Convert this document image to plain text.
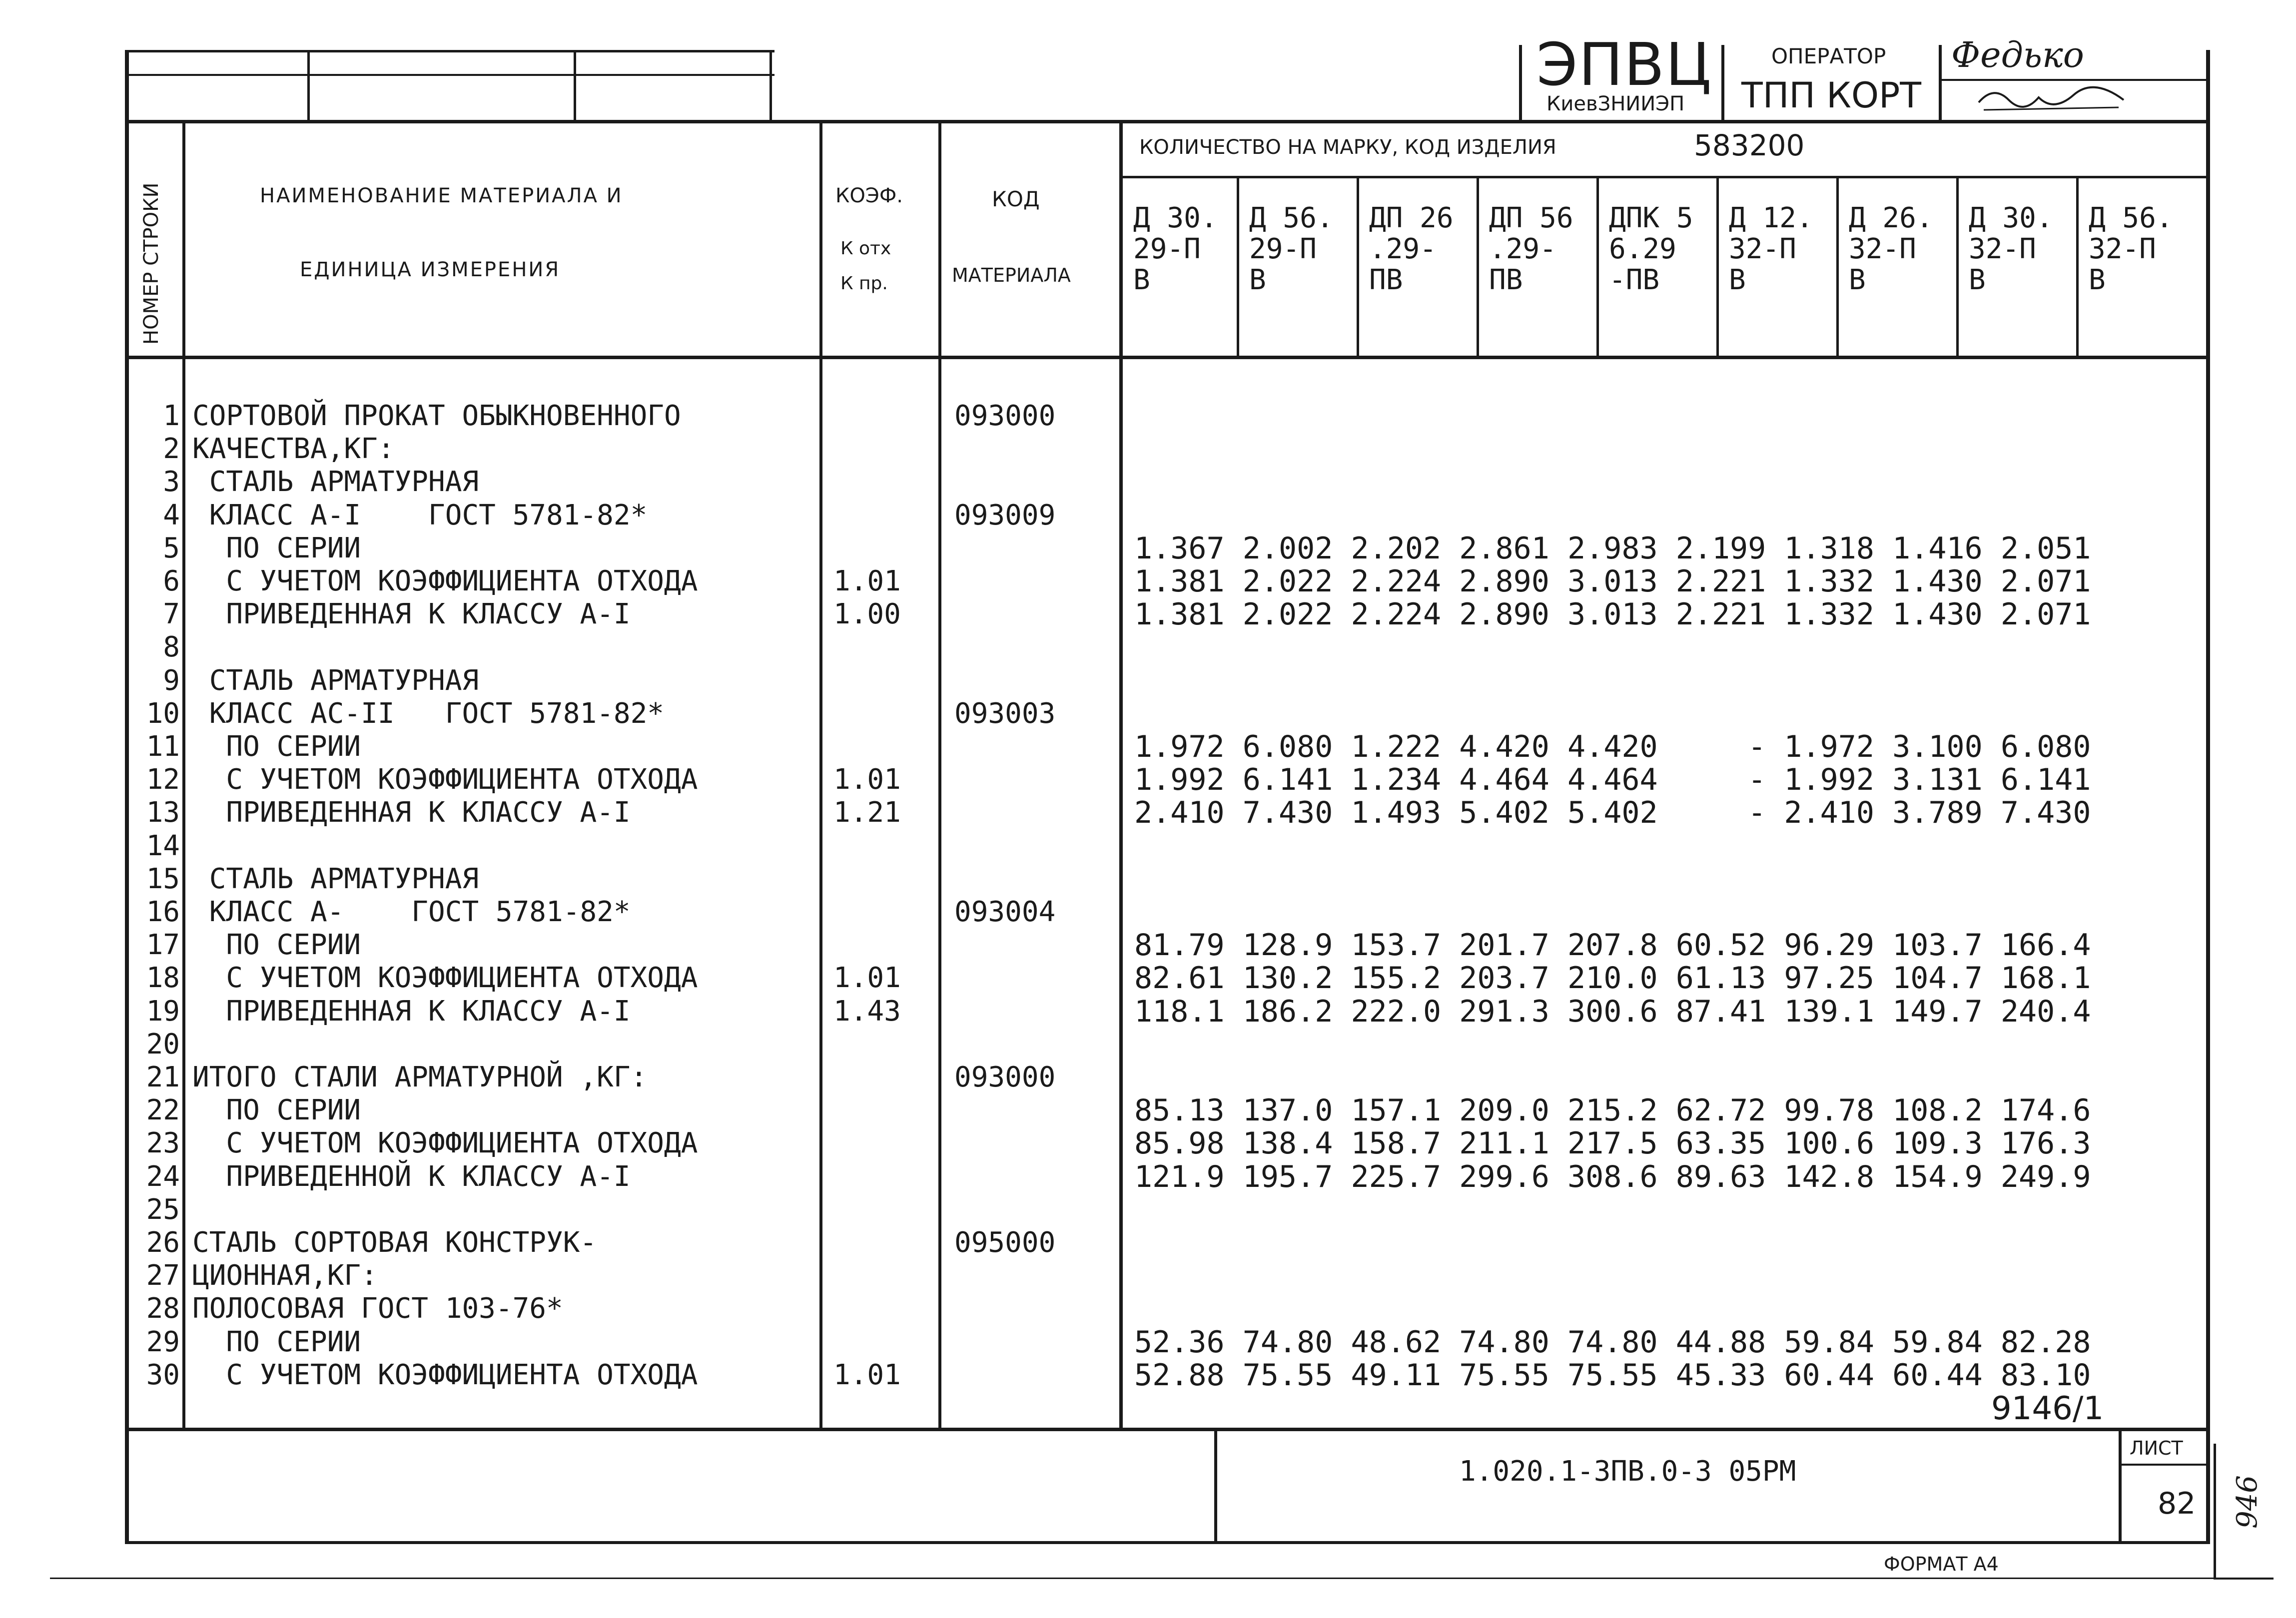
ЭПВЦ
КиевЗНИИЭП
ОПЕРАТОР
ТПП КОРТ
Федько
НОМЕР СТРОКИ	НАИМЕНОВАНИЕ МАТЕРИАЛА И
ЕДИНИЦА ИЗМЕРЕНИЯ
КОЭФ.
К отх
К пр.
КОД
МАТЕРИАЛА
КОЛИЧЕСТВО НА МАРКУ, КОД ИЗДЕЛИЯ	583200
Д 30.
29-П
В
Д 56.
29-П
В
ДП 26
.29-
ПВ
ДП 56
.29-
ПВ
ДПК 5
6.29
-ПВ
Д 12.
32-П
В
Д 26.
32-П
В
Д 30.
32-П
В
Д 56.
32-П
В
1 СОРТОВОЙ ПРОКАТ ОБЫКНОВЕННОГО	093000
2 КАЧЕСТВА,КГ:
3 СТАЛЬ АРМАТУРНАЯ
4 КЛАСС А-I    ГОСТ 5781-82*	093009
5 ПО СЕРИИ	1.367 2.002 2.202 2.861 2.983 2.199 1.318 1.416 2.051
6 С УЧЕТОМ КОЭФФИЦИЕНТА ОТХОДА	1.01	1.381 2.022 2.224 2.890 3.013 2.221 1.332 1.430 2.071
7 ПРИВЕДЕННАЯ К КЛАССУ А-I	1.00	1.381 2.022 2.224 2.890 3.013 2.221 1.332 1.430 2.071
8
9 СТАЛЬ АРМАТУРНАЯ
10 КЛАСС АС-II   ГОСТ 5781-82*	093003
11 ПО СЕРИИ	1.972 6.080 1.222 4.420 4.420     - 1.972 3.100 6.080
12 С УЧЕТОМ КОЭФФИЦИЕНТА ОТХОДА	1.01	1.992 6.141 1.234 4.464 4.464     - 1.992 3.131 6.141
13 ПРИВЕДЕННАЯ К КЛАССУ А-I	1.21	2.410 7.430 1.493 5.402 5.402     - 2.410 3.789 7.430
14
15 СТАЛЬ АРМАТУРНАЯ
16 КЛАСС А-    ГОСТ 5781-82*	093004
17 ПО СЕРИИ	81.79 128.9 153.7 201.7 207.8 60.52 96.29 103.7 166.4
18 С УЧЕТОМ КОЭФФИЦИЕНТА ОТХОДА	1.01	82.61 130.2 155.2 203.7 210.0 61.13 97.25 104.7 168.1
19 ПРИВЕДЕННАЯ К КЛАССУ А-I	1.43	118.1 186.2 222.0 291.3 300.6 87.41 139.1 149.7 240.4
20
21 ИТОГО СТАЛИ АРМАТУРНОЙ ,КГ:	093000
22 ПО СЕРИИ	85.13 137.0 157.1 209.0 215.2 62.72 99.78 108.2 174.6
23 С УЧЕТОМ КОЭФФИЦИЕНТА ОТХОДА	85.98 138.4 158.7 211.1 217.5 63.35 100.6 109.3 176.3
24 ПРИВЕДЕННОЙ К КЛАССУ А-I	121.9 195.7 225.7 299.6 308.6 89.63 142.8 154.9 249.9
25
26 СТАЛЬ СОРТОВАЯ КОНСТРУК-	095000
27 ЦИОННАЯ,КГ:
28 ПОЛОСОВАЯ ГОСТ 103-76*
29 ПО СЕРИИ	52.36 74.80 48.62 74.80 74.80 44.88 59.84 59.84 82.28
30 С УЧЕТОМ КОЭФФИЦИЕНТА ОТХОДА	1.01	52.88 75.55 49.11 75.55 75.55 45.33 60.44 60.44 83.10
9146/1
1.020.1-3ПВ.0-3 05РМ
ЛИСТ
82
ФОРМАТ А4
946
